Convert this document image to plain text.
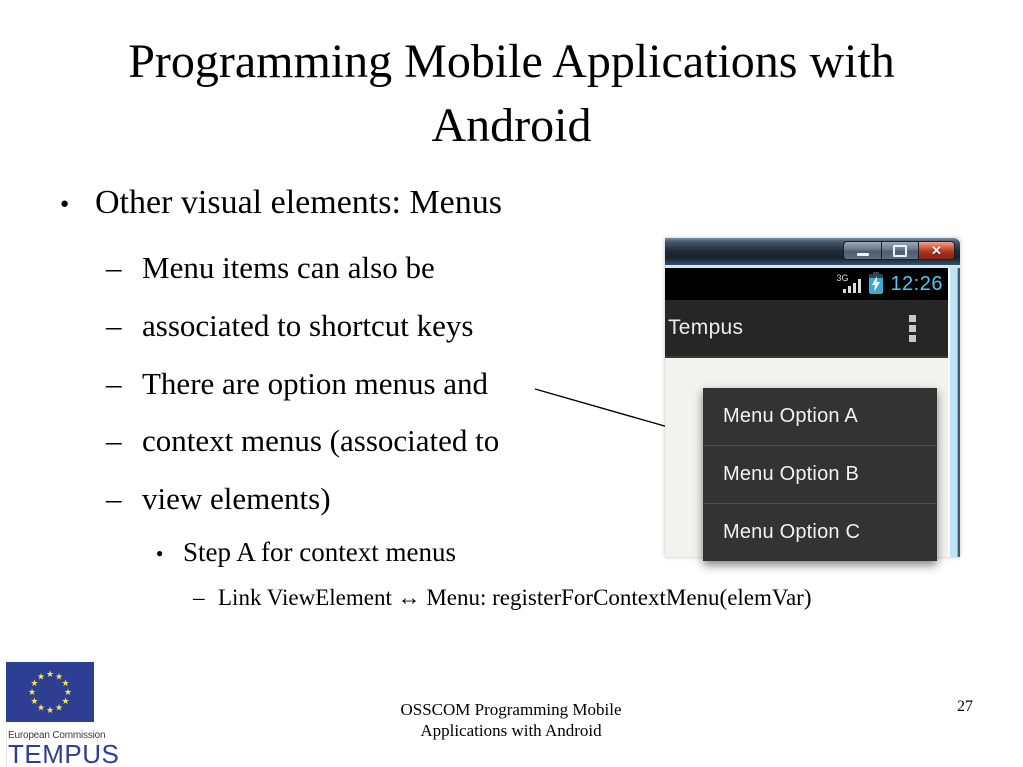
Programming Mobile Applications with
Android
● Other visual elements: Menus
– Menu items can also be
– associated to shortcut keys
– There are option menus and
– context menus (associated to
– view elements)
● Step A for context menus
– Link ViewElement ↔ Menu: registerForContextMenu(elemVar)
✕
3G 12:26
Tempus
Menu Option A
Menu Option B
Menu Option C
OSSCOM Programming Mobile
Applications with Android
27
★ ★
★
★
★
★
★
★
★
★
★
★
European Commission
TEMPUS
